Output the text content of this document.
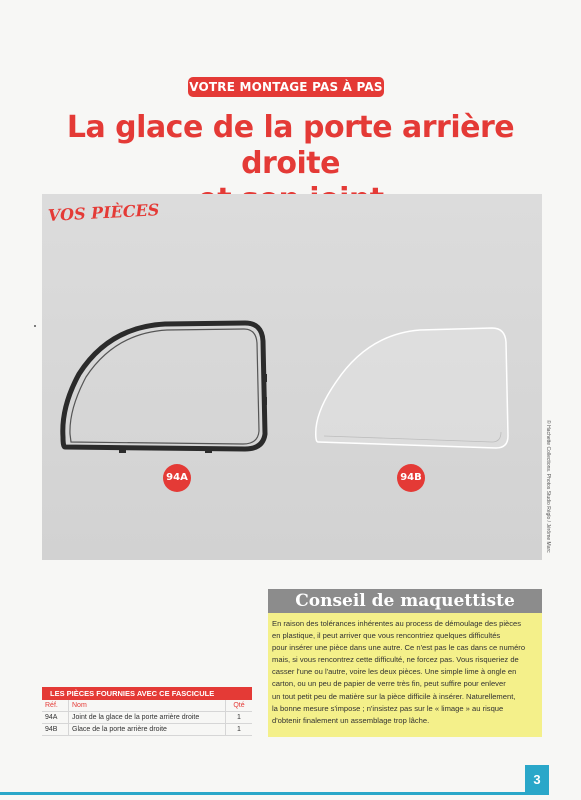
VOTRE MONTAGE PAS À PAS
La glace de la porte arrière droite
VOS PIÈCES
94A	94B	© Hachette Collections. Photos Studio Réglo / Jérôme Marc
Conseil de maquettiste
En raison des tolérances inhérentes au process de démoulage des pièces
en plastique, il peut arriver que vous rencontriez quelques difficultés
pour insérer une pièce dans une autre. Ce n'est pas le cas dans ce numéro
mais, si vous rencontrez cette difficulté, ne forcez pas. Vous risqueriez de
casser l'une ou l'autre, voire les deux pièces. Une simple lime à ongle en
carton, ou un peu de papier de verre très fin, peut suffire pour enlever
un tout petit peu de matière sur la pièce difficile à insérer. Naturellement,
la bonne mesure s'impose ; n'insistez pas sur le « limage » au risque
d'obtenir finalement un assemblage trop lâche.
LES PIÈCES FOURNIES AVEC CE FASCICULE
Réf.	Nom	Qté
94A	Joint de la glace de la porte arrière droite	1
94B	Glace de la porte arrière droite	1
3
